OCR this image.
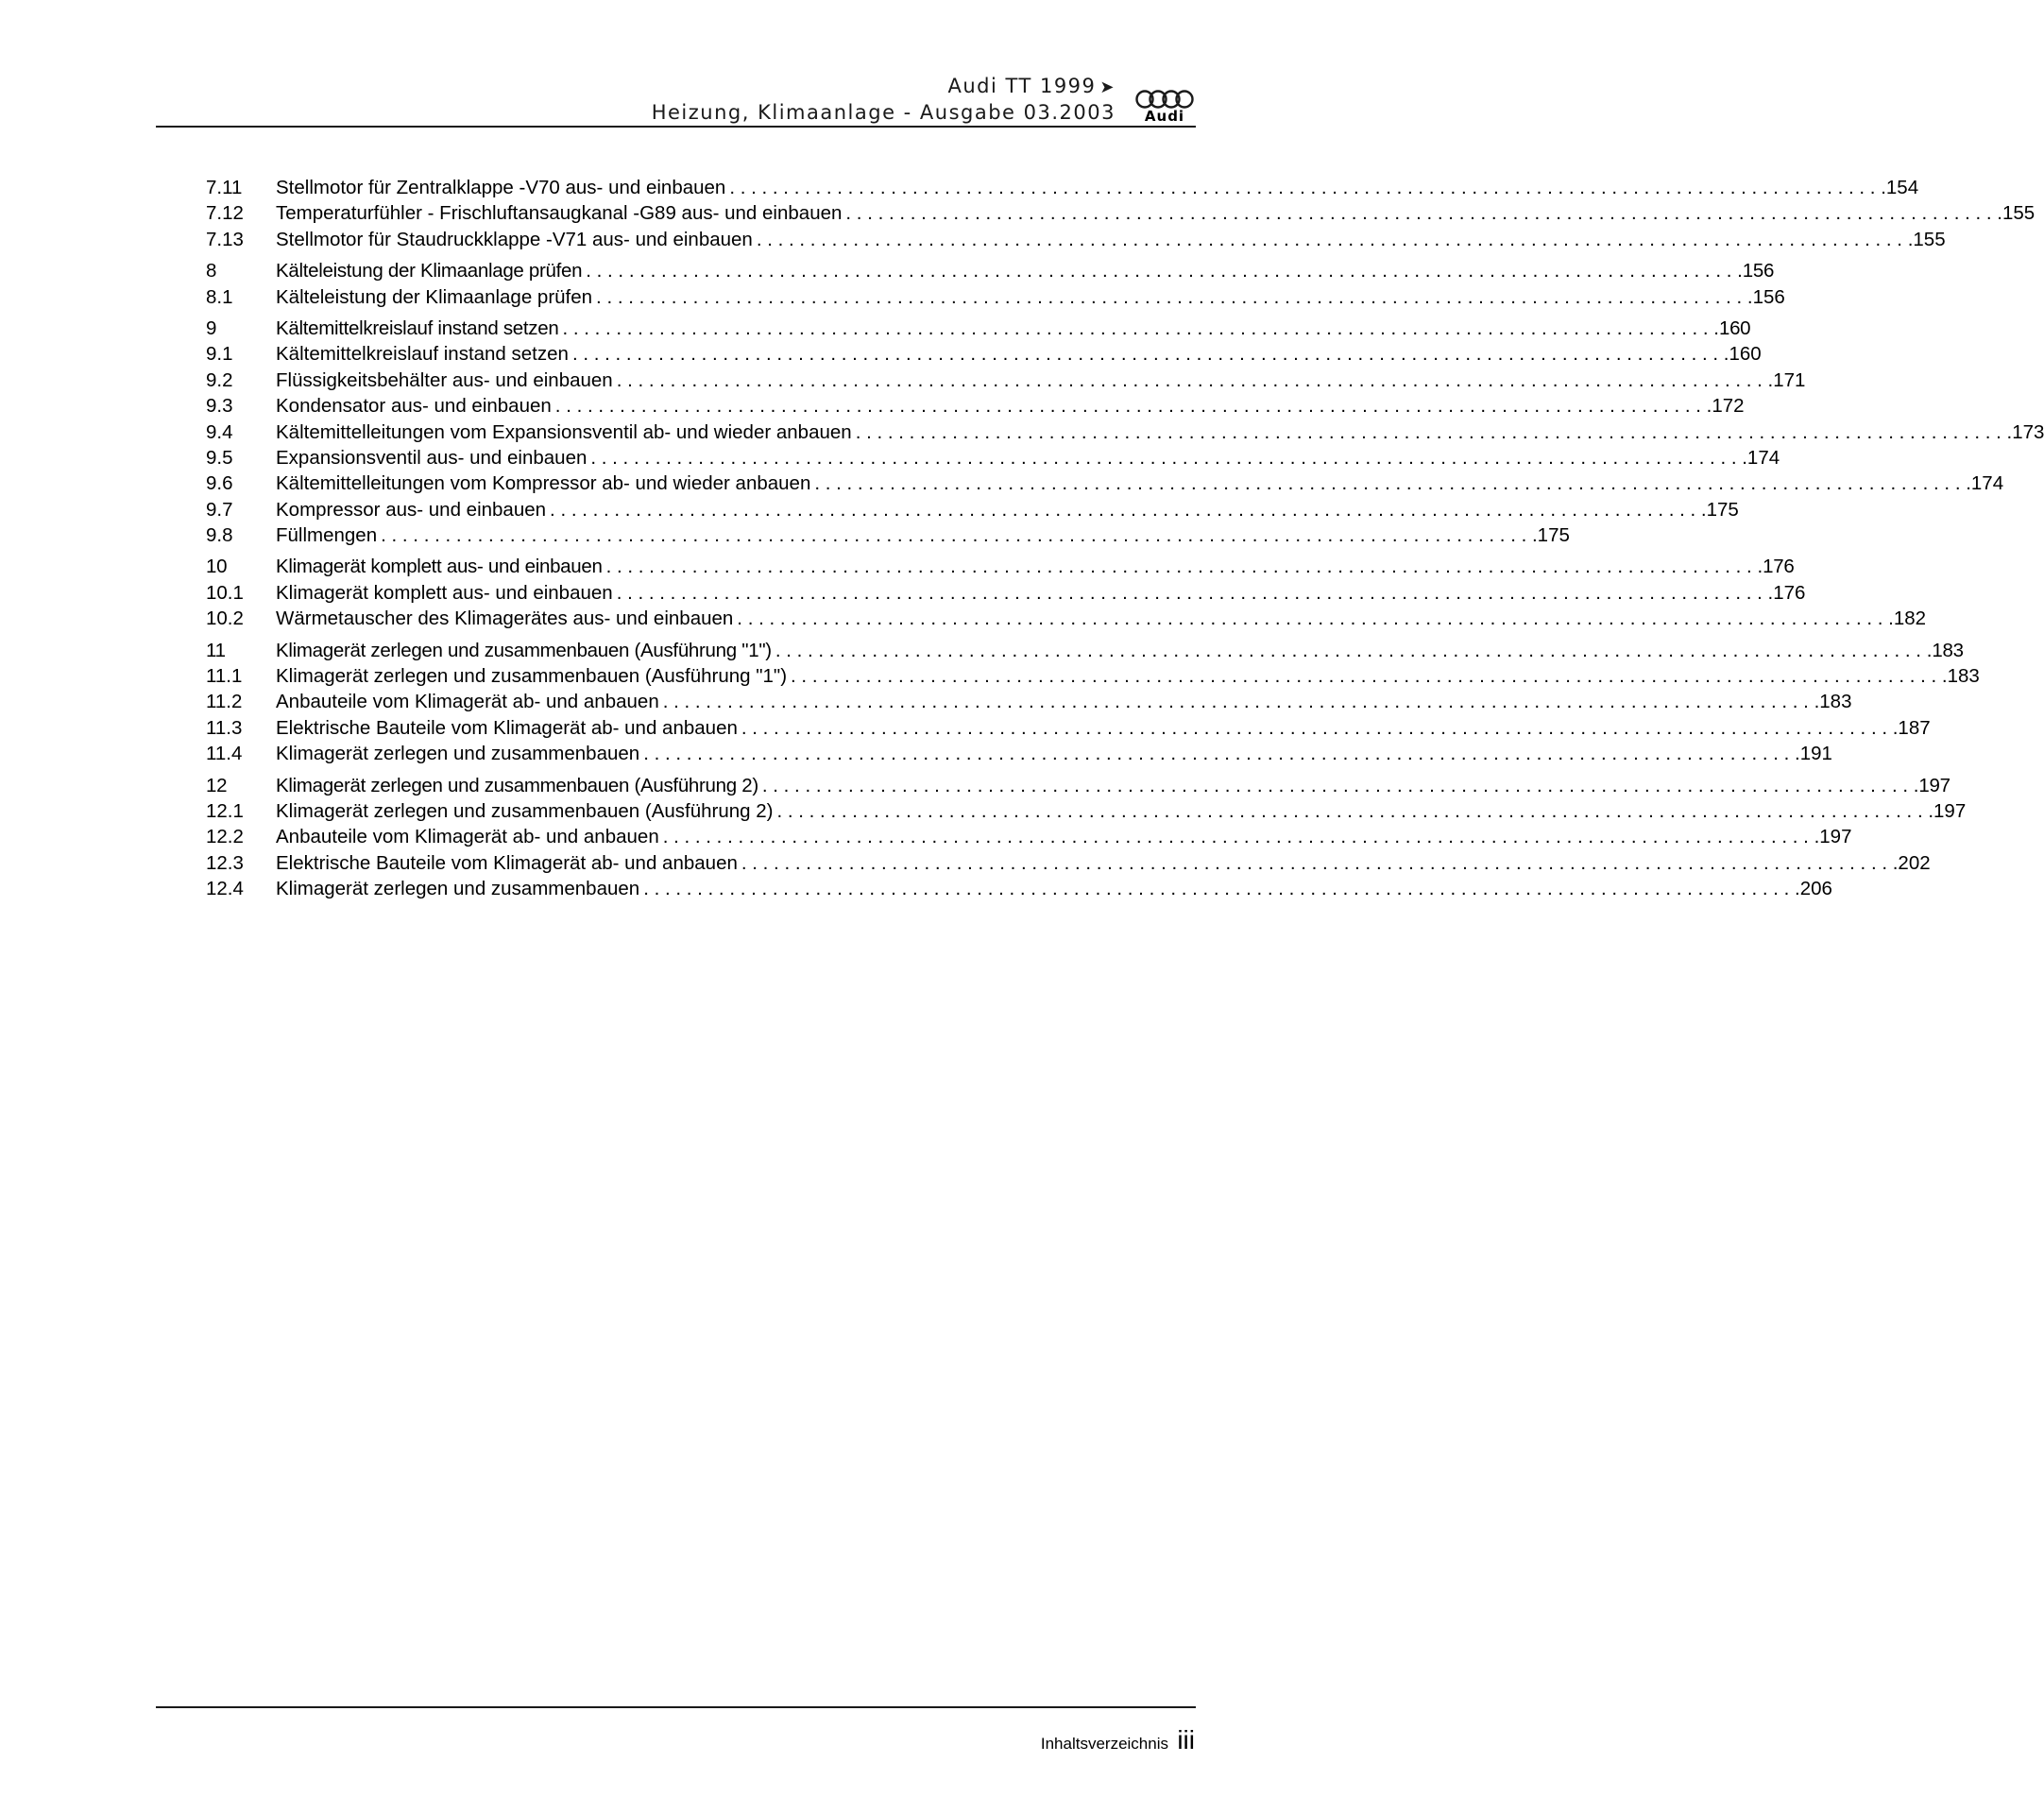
Audi TT 1999 ➤
Heizung, Klimaanlage - Ausgabe 03.2003	Audi
7.11	Stellmotor für Zentralklappe -V70 aus- und einbauen . . .	154
7.12	Temperaturfühler - Frischluftansaugkanal -G89 aus- und einbauen . . .	155
7.13	Stellmotor für Staudruckklappe -V71 aus- und einbauen . . .	155
8	Kälteleistung der Klimaanlage prüfen . . .	156
8.1	Kälteleistung der Klimaanlage prüfen . . .	156
9	Kältemittelkreislauf instand setzen . . .	160
9.1	Kältemittelkreislauf instand setzen . . .	160
9.2	Flüssigkeitsbehälter aus- und einbauen . . .	171
9.3	Kondensator aus- und einbauen . . .	172
9.4	Kältemittelleitungen vom Expansionsventil ab- und wieder anbauen . . .	173
9.5	Expansionsventil aus- und einbauen . . .	174
9.6	Kältemittelleitungen vom Kompressor ab- und wieder anbauen . . .	174
9.7	Kompressor aus- und einbauen . . .	175
9.8	Füllmengen . . .	175
10	Klimagerät komplett aus- und einbauen . . .	176
10.1	Klimagerät komplett aus- und einbauen . . .	176
10.2	Wärmetauscher des Klimagerätes aus- und einbauen . . .	182
11	Klimagerät zerlegen und zusammenbauen (Ausführung "1") . . .	183
11.1	Klimagerät zerlegen und zusammenbauen (Ausführung "1") . . .	183
11.2	Anbauteile vom Klimagerät ab- und anbauen . . .	183
11.3	Elektrische Bauteile vom Klimagerät ab- und anbauen . . .	187
11.4	Klimagerät zerlegen und zusammenbauen . . .	191
12	Klimagerät zerlegen und zusammenbauen (Ausführung 2) . . .	197
12.1	Klimagerät zerlegen und zusammenbauen (Ausführung 2) . . .	197
12.2	Anbauteile vom Klimagerät ab- und anbauen . . .	197
12.3	Elektrische Bauteile vom Klimagerät ab- und anbauen . . .	202
12.4	Klimagerät zerlegen und zusammenbauen . . .	206
Inhaltsverzeichnis iii
